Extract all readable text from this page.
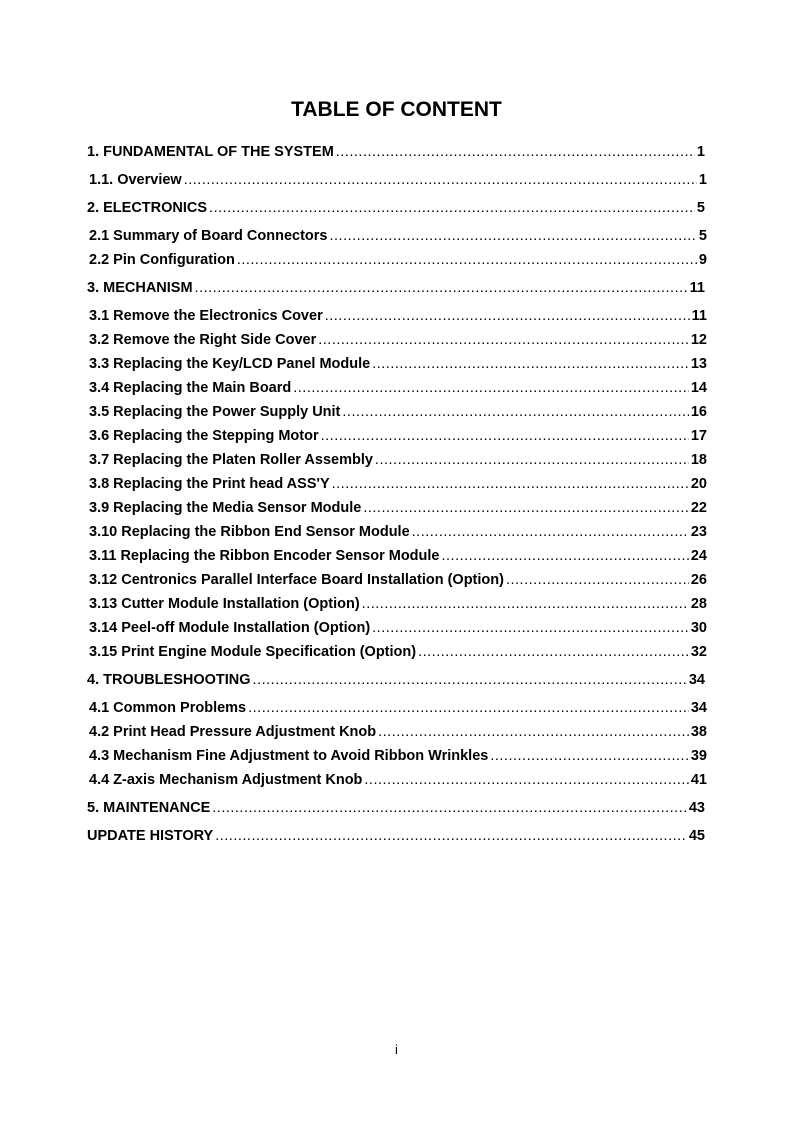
TABLE OF CONTENT
1. FUNDAMENTAL OF THE SYSTEM .....	1
1.1. Overview .....	1
2. ELECTRONICS .....	5
2.1 Summary of Board Connectors .....	5
2.2 Pin Configuration .....	9
3. MECHANISM .....	11
3.1 Remove the Electronics Cover .....	11
3.2 Remove the Right Side Cover .....	12
3.3 Replacing the Key/LCD Panel Module .....	13
3.4 Replacing the Main Board .....	14
3.5 Replacing the Power Supply Unit .....	16
3.6 Replacing the Stepping Motor .....	17
3.7 Replacing the Platen Roller Assembly .....	18
3.8 Replacing the Print head ASS'Y .....	20
3.9 Replacing the Media Sensor Module .....	22
3.10 Replacing the Ribbon End Sensor Module .....	23
3.11 Replacing the Ribbon Encoder Sensor Module .....	24
3.12 Centronics Parallel Interface Board Installation (Option) .....	26
3.13 Cutter Module Installation (Option) .....	28
3.14 Peel-off Module Installation (Option) .....	30
3.15 Print Engine Module Specification (Option) .....	32
4. TROUBLESHOOTING .....	34
4.1 Common Problems .....	34
4.2 Print Head Pressure Adjustment Knob .....	38
4.3 Mechanism Fine Adjustment to Avoid Ribbon Wrinkles .....	39
4.4 Z-axis Mechanism Adjustment Knob .....	41
5. MAINTENANCE .....	43
UPDATE HISTORY .....	45
i
